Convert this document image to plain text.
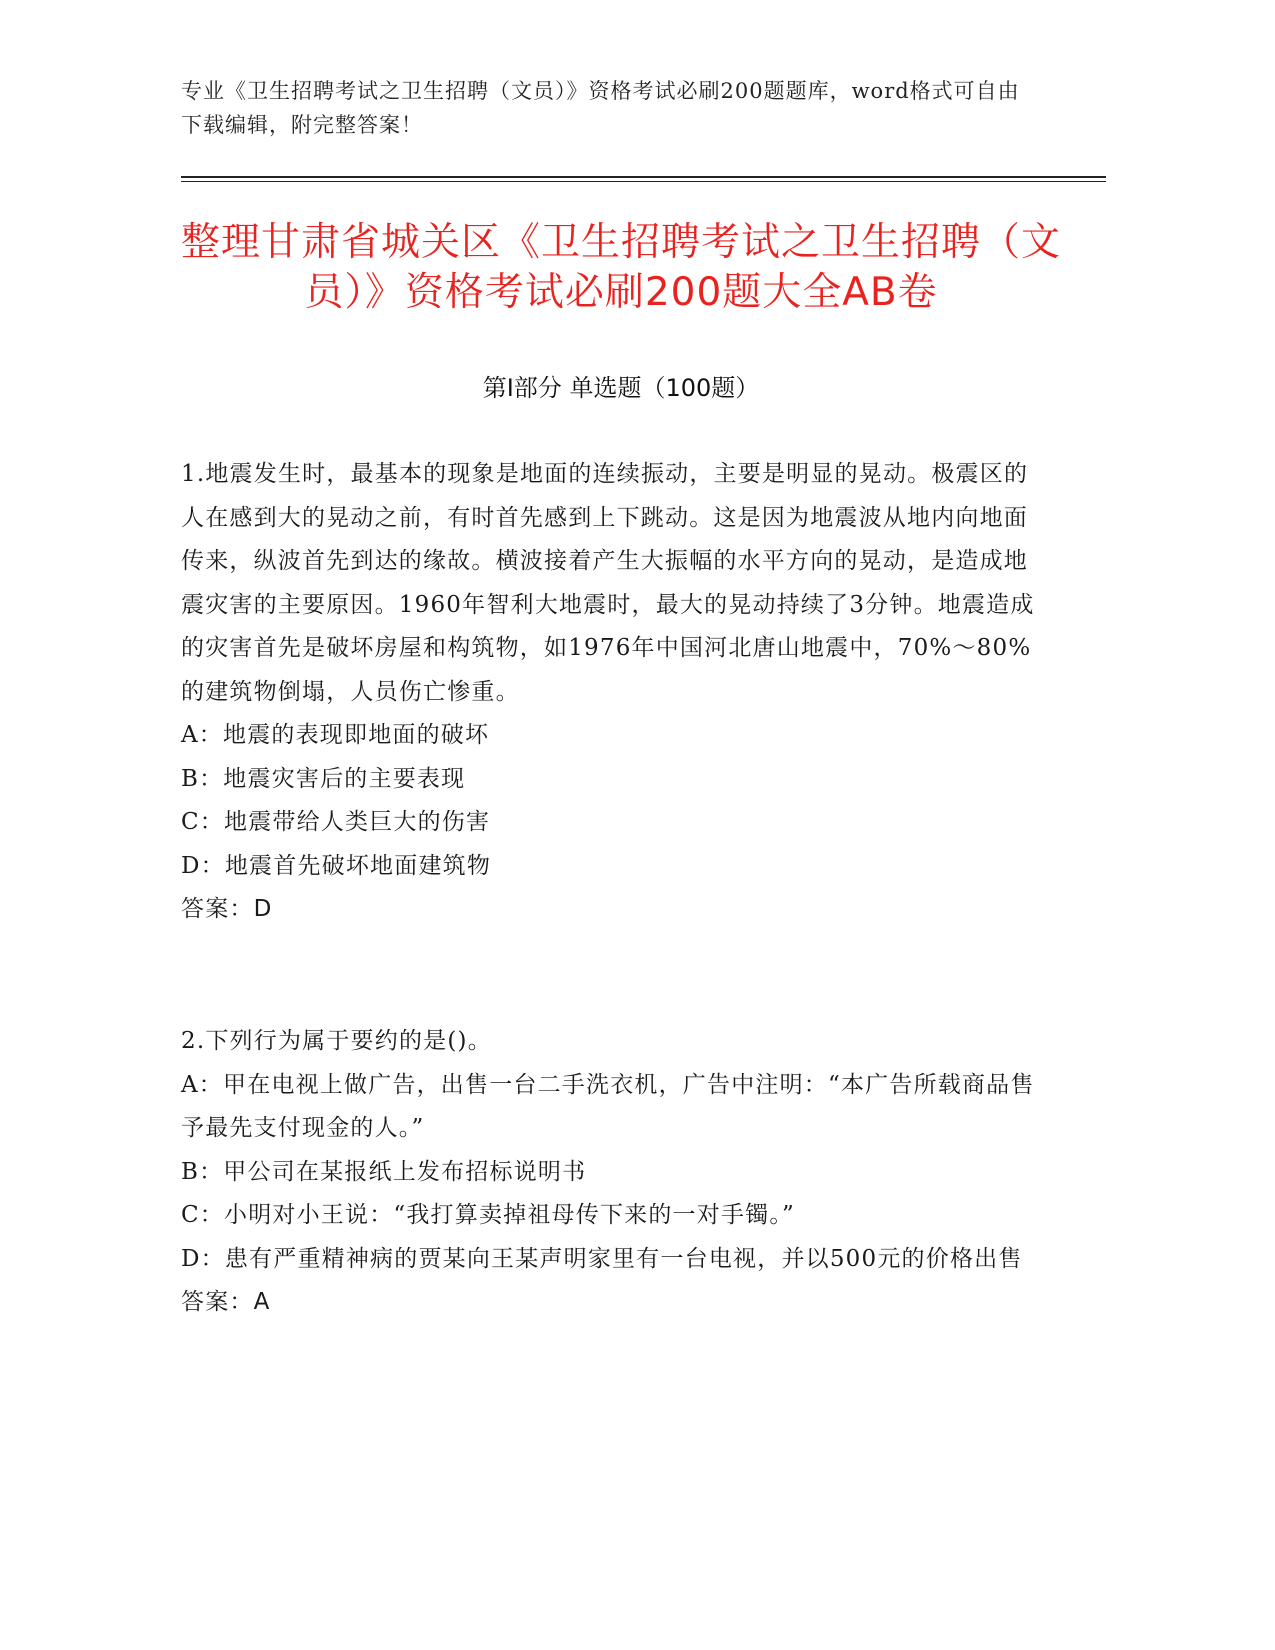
专业《卫生招聘考试之卫生招聘（文员）》资格考试必刷200题题库，word格式可自由下载编辑，附完整答案！
整理甘肃省城关区《卫生招聘考试之卫生招聘（文员）》资格考试必刷200题大全AB卷
第I部分 单选题（100题）

1.地震发生时，最基本的现象是地面的连续振动，主要是明显的晃动。极震区的人在感到大的晃动之前，有时首先感到上下跳动。这是因为地震波从地内向地面传来，纵波首先到达的缘故。横波接着产生大振幅的水平方向的晃动，是造成地震灾害的主要原因。1960年智利大地震时，最大的晃动持续了3分钟。地震造成的灾害首先是破坏房屋和构筑物，如1976年中国河北唐山地震中，70%～80%的建筑物倒塌，人员伤亡惨重。

A：地震的表现即地面的破坏

B：地震灾害后的主要表现

C：地震带给人类巨大的伤害

D：地震首先破坏地面建筑物

答案：D

2.下列行为属于要约的是()。

A：甲在电视上做广告，出售一台二手洗衣机，广告中注明：“本广告所载商品售予最先支付现金的人。”

B：甲公司在某报纸上发布招标说明书

C：小明对小王说：“我打算卖掉祖母传下来的一对手镯。”

D：患有严重精神病的贾某向王某声明家里有一台电视，并以500元的价格出售

答案：A
